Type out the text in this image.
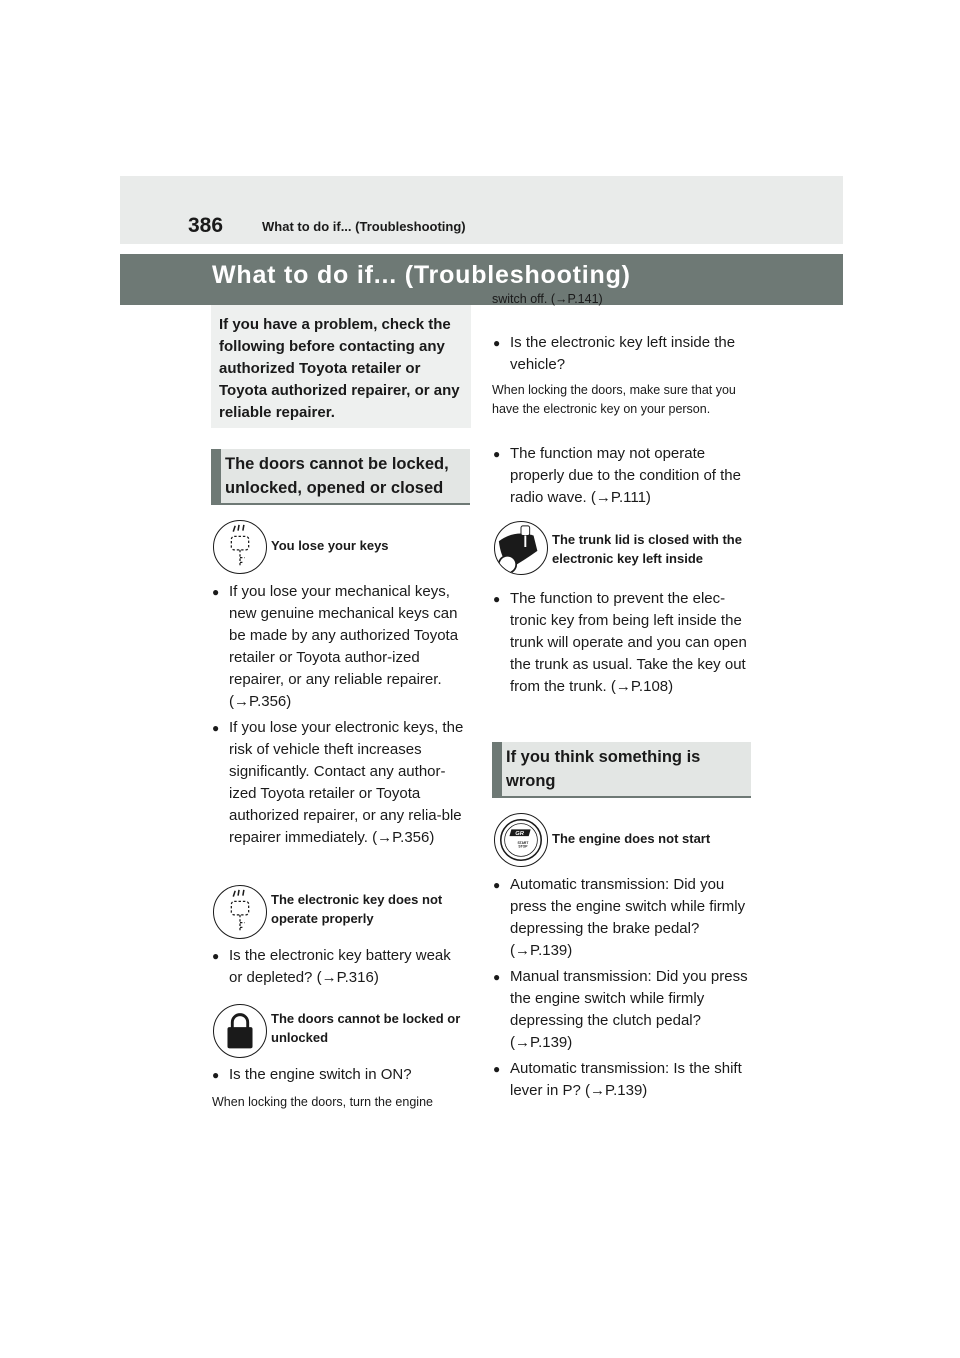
386	What to do if... (Troubleshooting)
What to do if... (Troubleshooting)
If you have a problem, check the following before contacting any authorized Toyota retailer or Toyota authorized repairer, or any reliable repairer.
The doors cannot be locked, unlocked, opened or closed
You lose your keys
● If you lose your mechanical keys, new genuine mechanical keys can be made by any authorized Toyota retailer or Toyota author-ized repairer, or any reliable repairer. (→P.356)
● If you lose your electronic keys, the risk of vehicle theft increases significantly. Contact any author-ized Toyota retailer or Toyota authorized repairer, or any relia-ble repairer immediately. (→P.356)
The electronic key does not operate properly
● Is the electronic key battery weak or depleted? (→P.316)
The doors cannot be locked or unlocked
● Is the engine switch in ON?
When locking the doors, turn the engine
switch off. (→P.141)
● Is the electronic key left inside the vehicle?
When locking the doors, make sure that you have the electronic key on your person.
● The function may not operate properly due to the condition of the radio wave. (→P.111)
The trunk lid is closed with the electronic key left inside
● The function to prevent the elec-tronic key from being left inside the trunk will operate and you can open the trunk as usual. Take the key out from the trunk. (→P.108)
If you think something is wrong
GR
START
STOP
The engine does not start
● Automatic transmission: Did you press the engine switch while firmly depressing the brake pedal? (→P.139)
● Manual transmission: Did you press the engine switch while firmly depressing the clutch pedal? (→P.139)
● Automatic transmission: Is the shift lever in P? (→P.139)
